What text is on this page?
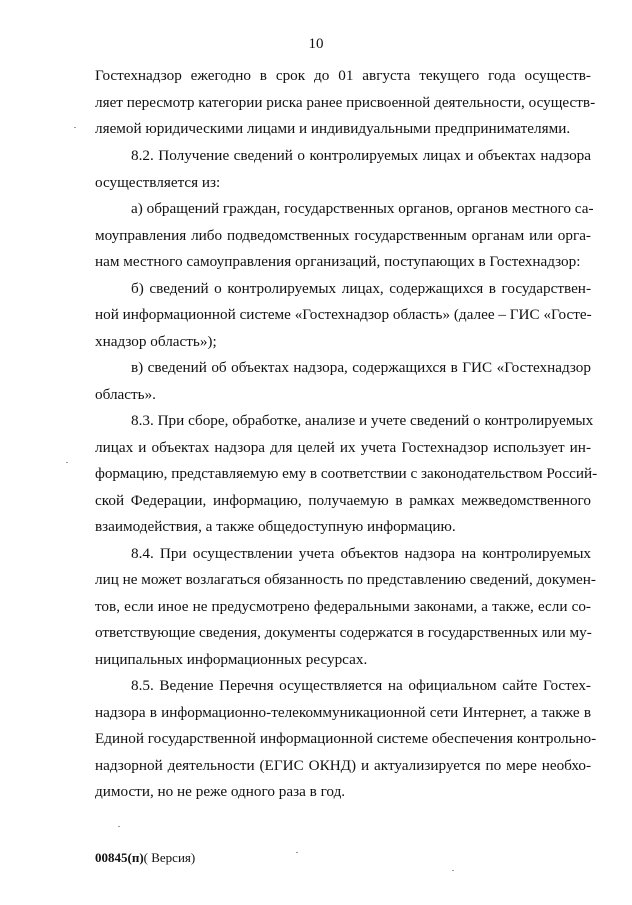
10
Гостехнадзор ежегодно в срок до 01 августа текущего года осуществ-
ляет пересмотр категории риска ранее присвоенной деятельности, осуществ-
ляемой юридическими лицами и индивидуальными предпринимателями.
8.2. Получение сведений о контролируемых лицах и объектах надзора
осуществляется из:
а) обращений граждан, государственных органов, органов местного са-
моуправления либо подведомственных государственным органам или орга-
нам местного самоуправления организаций, поступающих в Гостехнадзор:
б) сведений о контролируемых лицах, содержащихся в государствен-
ной информационной системе «Гостехнадзор область» (далее – ГИС «Госте-
хнадзор область»);
в) сведений об объектах надзора, содержащихся в ГИС «Гостехнадзор
область».
8.3. При сборе, обработке, анализе и учете сведений о контролируемых
лицах и объектах надзора для целей их учета Гостехнадзор использует ин-
формацию, представляемую ему в соответствии с законодательством Россий-
ской Федерации, информацию, получаемую в рамках межведомственного
взаимодействия, а также общедоступную информацию.
8.4. При осуществлении учета объектов надзора на контролируемых
лиц не может возлагаться обязанность по представлению сведений, докумен-
тов, если иное не предусмотрено федеральными законами, а также, если со-
ответствующие сведения, документы содержатся в государственных или му-
ниципальных информационных ресурсах.
8.5. Ведение Перечня осуществляется на официальном сайте Гостех-
надзора в информационно-телекоммуникационной сети Интернет, а также в
Единой государственной информационной системе обеспечения контрольно-
надзорной деятельности (ЕГИС ОКНД) и актуализируется по мере необхо-
димости, но не реже одного раза в год.
00845(п)( Версия)
